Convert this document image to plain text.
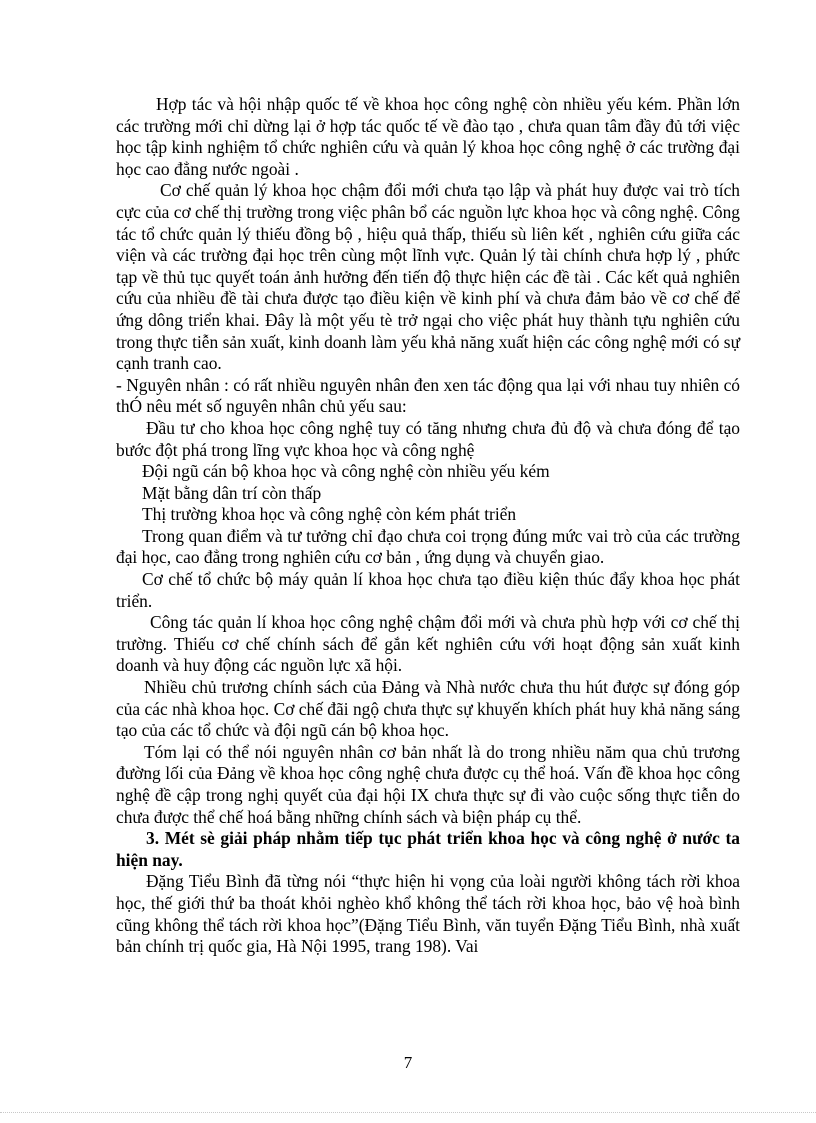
Hợp tác và hội nhập quốc tế về khoa học công nghệ còn nhiều yếu kém. Phần lớn các trường mới chỉ dừng lại ở hợp tác quốc tế về đào tạo , chưa quan tâm đầy đủ tới việc học tập kinh nghiệm tổ chức nghiên cứu và quản lý khoa học công nghệ ở các trường đại học cao đẳng nước ngoài .

Cơ chế quản lý khoa học chậm đổi mới chưa tạo lập và phát huy được vai trò tích cực của cơ chế thị trường trong việc phân bổ các nguồn lực khoa học và công nghệ. Công tác tổ chức quản lý thiếu đồng bộ , hiệu quả thấp, thiếu sù liên kết , nghiên cứu giữa các viện và các trường đại học trên cùng một lĩnh vực. Quản lý tài chính chưa hợp lý , phức tạp về thủ tục quyết toán ảnh hưởng đến tiến độ thực hiện các đề tài . Các kết quả nghiên cứu của nhiều đề tài chưa được tạo điều kiện về kinh phí và chưa đảm bảo về cơ chế để ứng dông triển khai. Đây là một yếu tè trở ngại cho việc phát huy thành tựu nghiên cứu trong thực tiễn sản xuất, kinh doanh làm yếu khả năng xuất hiện các công nghệ mới có sự cạnh tranh cao.

- Nguyên nhân : có rất nhiều nguyên nhân đen xen tác động qua lại với nhau tuy nhiên có thÓ nêu mét số nguyên nhân chủ yếu sau:

Đầu tư cho khoa học công nghệ tuy có tăng nhưng chưa đủ độ và chưa đóng để tạo bước đột phá trong lĩng vực khoa học và công nghệ

Đội ngũ cán bộ khoa học và công nghệ còn nhiều yếu kém

Mặt bằng dân trí còn thấp

Thị trường khoa học và công nghệ còn kém phát triển

Trong quan điểm và tư tưởng chỉ đạo chưa coi trọng đúng mức vai trò của các trường đại học, cao đẳng trong nghiên cứu cơ bản , ứng dụng và chuyển giao.

Cơ chế tổ chức bộ máy quản lí khoa học chưa tạo điều kiện thúc đẩy khoa học phát triển.

Công tác quản lí khoa học công nghệ chậm đổi mới và chưa phù hợp với cơ chế thị trường. Thiếu cơ chế chính sách để gắn kết nghiên cứu với hoạt động sản xuất kinh doanh và huy động các nguồn lực xã hội.

Nhiều chủ trương chính sách của Đảng và Nhà nước chưa thu hút được sự đóng góp của các nhà khoa học. Cơ chế đãi ngộ chưa thực sự khuyến khích phát huy khả năng sáng tạo của các tổ chức và đội ngũ cán bộ khoa học.

Tóm lại có thể nói nguyên nhân cơ bản nhất là do trong nhiều năm qua chủ trương đường lối của Đảng về khoa học công nghệ chưa được cụ thể hoá. Vấn đề khoa học công nghệ đề cập trong nghị quyết của đại hội IX chưa thực sự đi vào cuộc sống thực tiễn do chưa được thể chế hoá bằng những chính sách và biện pháp cụ thể.

3. Mét sè giải pháp nhằm tiếp tục phát triển khoa học và công nghệ ở nước ta hiện nay.

Đặng Tiểu Bình đã từng nói “thực hiện hi vọng của loài người không tách rời khoa học, thế giới thứ ba thoát khỏi nghèo khổ không thể tách rời khoa học, bảo vệ hoà bình cũng không thể tách rời khoa học”(Đặng Tiểu Bình, văn tuyển Đặng Tiểu Bình, nhà xuất bản chính trị quốc gia, Hà Nội 1995, trang 198). Vai

7
